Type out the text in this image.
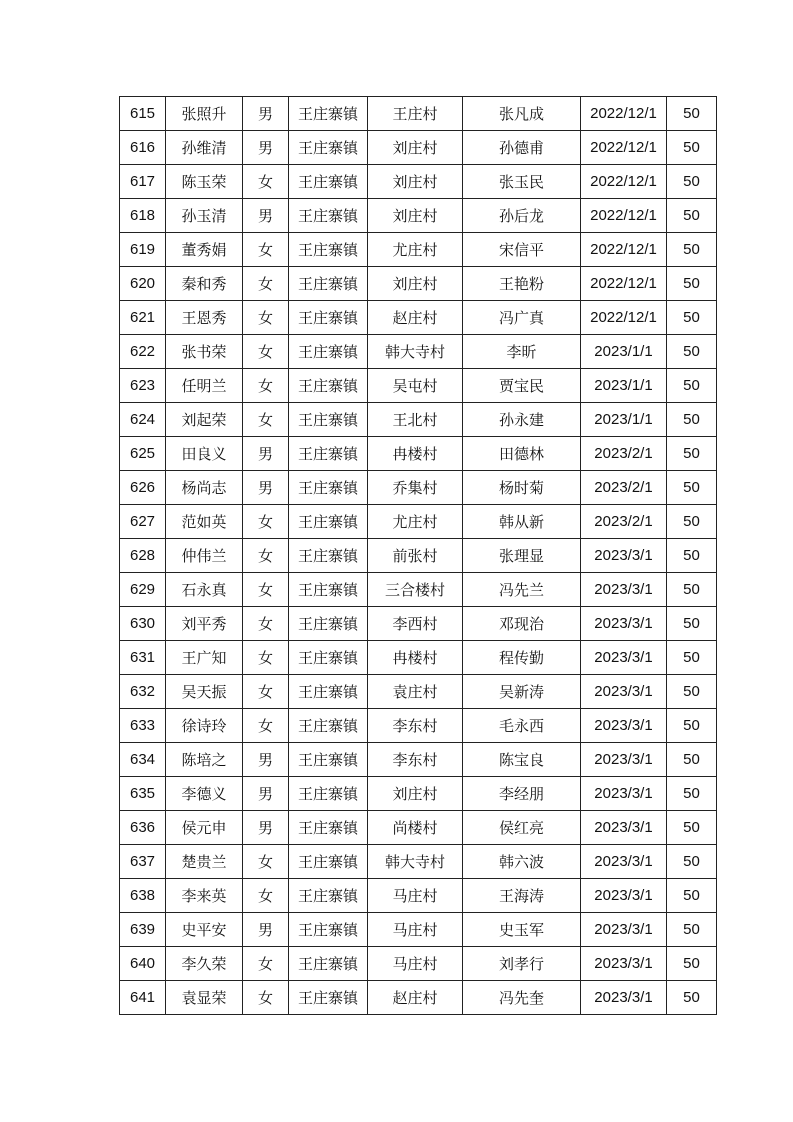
615	张照升	男	王庄寨镇	王庄村	张凡成	2022/12/1	50
616	孙维清	男	王庄寨镇	刘庄村	孙德甫	2022/12/1	50
617	陈玉荣	女	王庄寨镇	刘庄村	张玉民	2022/12/1	50
618	孙玉清	男	王庄寨镇	刘庄村	孙后龙	2022/12/1	50
619	董秀娟	女	王庄寨镇	尤庄村	宋信平	2022/12/1	50
620	秦和秀	女	王庄寨镇	刘庄村	王艳粉	2022/12/1	50
621	王恩秀	女	王庄寨镇	赵庄村	冯广真	2022/12/1	50
622	张书荣	女	王庄寨镇	韩大寺村	李昕	2023/1/1	50
623	任明兰	女	王庄寨镇	吴屯村	贾宝民	2023/1/1	50
624	刘起荣	女	王庄寨镇	王北村	孙永建	2023/1/1	50
625	田良义	男	王庄寨镇	冉楼村	田德林	2023/2/1	50
626	杨尚志	男	王庄寨镇	乔集村	杨时菊	2023/2/1	50
627	范如英	女	王庄寨镇	尤庄村	韩从新	2023/2/1	50
628	仲伟兰	女	王庄寨镇	前张村	张理显	2023/3/1	50
629	石永真	女	王庄寨镇	三合楼村	冯先兰	2023/3/1	50
630	刘平秀	女	王庄寨镇	李西村	邓现治	2023/3/1	50
631	王广知	女	王庄寨镇	冉楼村	程传勤	2023/3/1	50
632	吴天振	女	王庄寨镇	袁庄村	吴新涛	2023/3/1	50
633	徐诗玲	女	王庄寨镇	李东村	毛永西	2023/3/1	50
634	陈培之	男	王庄寨镇	李东村	陈宝良	2023/3/1	50
635	李德义	男	王庄寨镇	刘庄村	李经朋	2023/3/1	50
636	侯元申	男	王庄寨镇	尚楼村	侯红亮	2023/3/1	50
637	楚贵兰	女	王庄寨镇	韩大寺村	韩六波	2023/3/1	50
638	李来英	女	王庄寨镇	马庄村	王海涛	2023/3/1	50
639	史平安	男	王庄寨镇	马庄村	史玉军	2023/3/1	50
640	李久荣	女	王庄寨镇	马庄村	刘孝行	2023/3/1	50
641	袁显荣	女	王庄寨镇	赵庄村	冯先奎	2023/3/1	50
